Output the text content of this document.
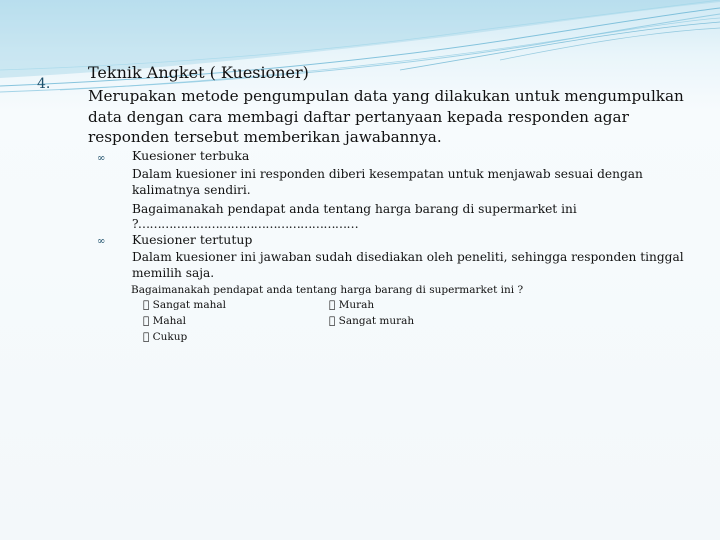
4.
Teknik Angket ( Kuesioner)
Merupakan metode pengumpulan data yang dilakukan untuk mengumpulkan data dengan cara membagi daftar pertanyaan kepada responden agar responden tersebut memberikan jawabannya.
∞ Kuesioner terbuka
Dalam kuesioner ini responden diberi kesempatan untuk menjawab sesuai dengan kalimatnya sendiri.
Bagaimanakah pendapat anda tentang harga barang di supermarket ini
?…………………………………………………
∞ Kuesioner tertutup
Dalam kuesioner ini jawaban sudah disediakan oleh peneliti, sehingga responden tinggal memilih saja.
Bagaimanakah pendapat anda tentang harga barang di supermarket ini ?
Sangat mahal	Murah
Mahal	Sangat murah
Cukup
